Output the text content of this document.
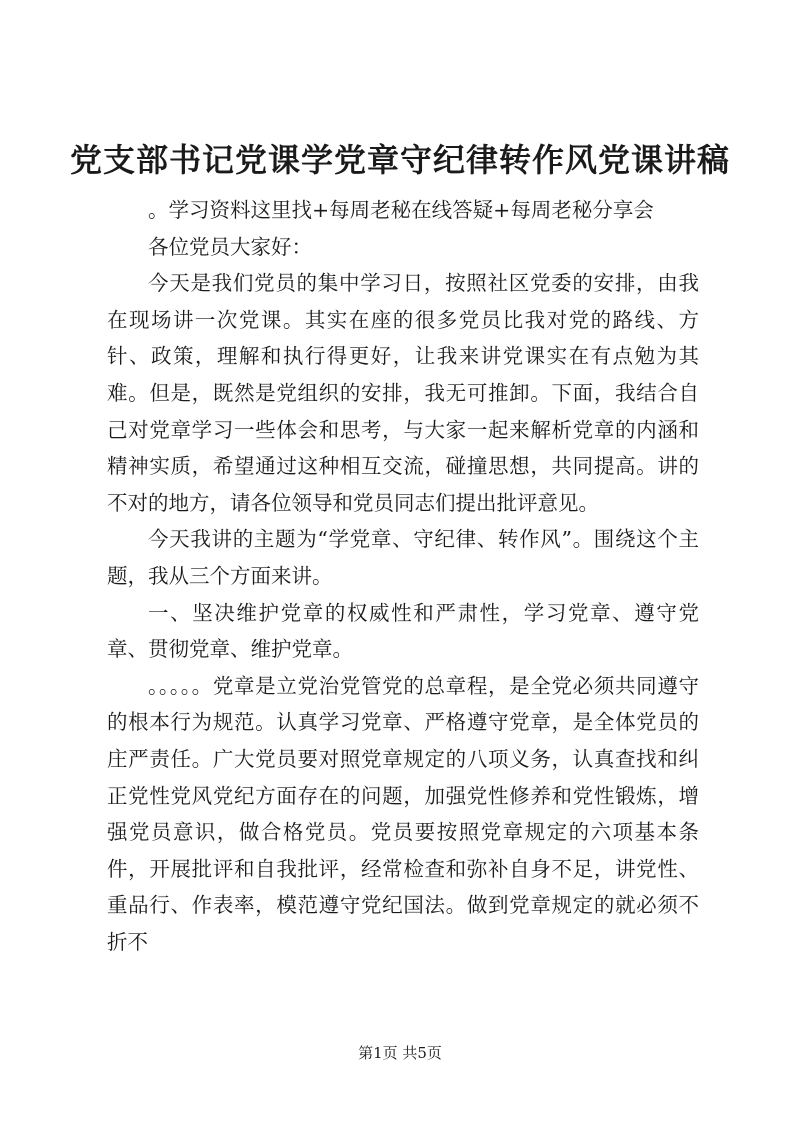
党支部书记党课学党章守纪律转作风党课讲稿

。学习资料这里找+每周老秘在线答疑+每周老秘分享会

各位党员大家好：

今天是我们党员的集中学习日，按照社区党委的安排，由我在现场讲一次党课。其实在座的很多党员比我对党的路线、方针、政策，理解和执行得更好，让我来讲党课实在有点勉为其难。但是，既然是党组织的安排，我无可推卸。下面，我结合自己对党章学习一些体会和思考，与大家一起来解析党章的内涵和精神实质，希望通过这种相互交流，碰撞思想，共同提高。讲的不对的地方，请各位领导和党员同志们提出批评意见。

今天我讲的主题为“学党章、守纪律、转作风”。围绕这个主题，我从三个方面来讲。

一、坚决维护党章的权威性和严肃性，学习党章、遵守党章、贯彻党章、维护党章。

。。。。。党章是立党治党管党的总章程，是全党必须共同遵守的根本行为规范。认真学习党章、严格遵守党章，是全体党员的庄严责任。广大党员要对照党章规定的八项义务，认真查找和纠正党性党风党纪方面存在的问题，加强党性修养和党性锻炼，增强党员意识，做合格党员。党员要按照党章规定的六项基本条件，开展批评和自我批评，经常检查和弥补自身不足，讲党性、重品行、作表率，模范遵守党纪国法。做到党章规定的就必须不折不

第1页 共5页
